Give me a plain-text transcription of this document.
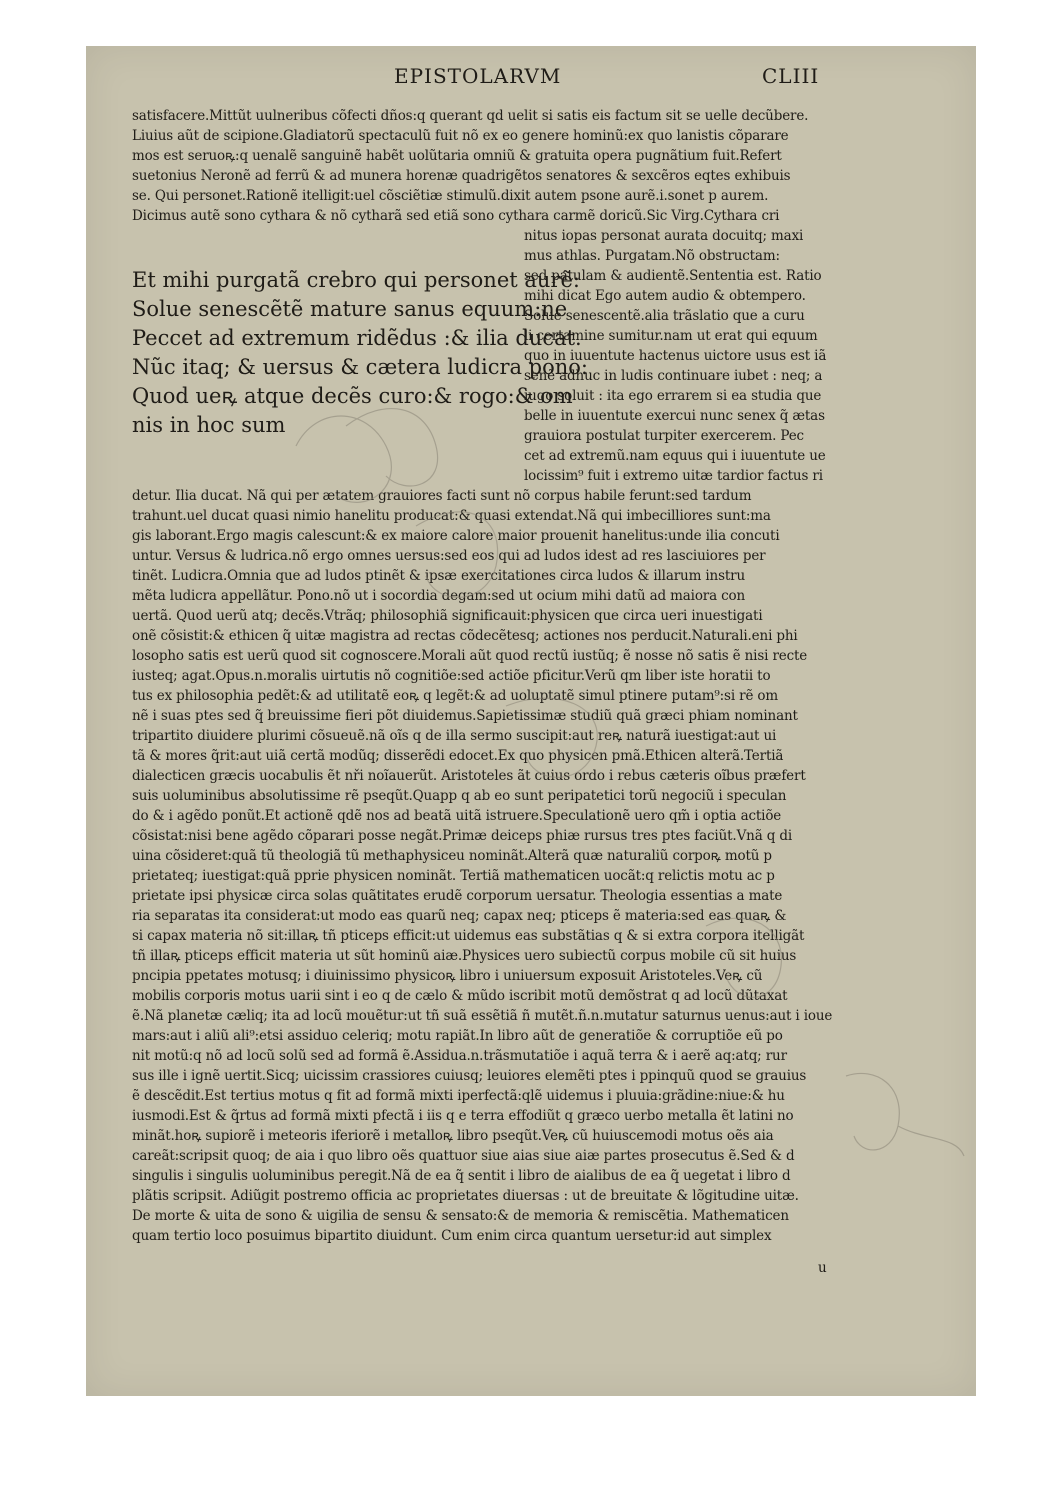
EPISTOLARVM	CLIII
satisfacere.Mittũt uulneribus cõfecti dños:q querant qd uelit si satis eis factum sit se uelle decũbere.
Liuius aũt de scipione.Gladiatorũ spectaculũ fuit nõ ex eo genere hominũ:ex quo lanistis cõparare
mos est seruoꝶ:q uenalẽ sanguinẽ habẽt uolũtaria omniũ & gratuita opera pugnãtium fuit.Refert
suetonius Neronẽ ad ferrũ & ad munera horenæ quadrigẽtos senatores & sexcẽros eqtes exhibuis
se. Qui personet.Rationẽ itelligit:uel cõsciẽtiæ stimulũ.dixit autem psone aurẽ.i.sonet p aurem.
Dicimus autẽ sono cythara & nõ cytharã sed etiã sono cythara carmẽ doricũ.Sic Virg.Cythara cri
Et mihi purgatã crebro qui personet aurẽ:
Solue senescẽtẽ mature sanus equum:ne
Peccet ad extremum ridẽdus :& ilia ducat.
Nũc itaq; & uersus & cætera ludicra pono:
Quod ueꝶ atque decẽs curo:& rogo:& om
nis in hoc sum
nitus iopas personat aurata docuitq; maxi
mus athlas. Purgatam.Nõ obstructam:
sed patulam & audientẽ.Sententia est. Ratio
mihi dicat Ego autem audio & obtempero.
Solue senescentẽ.alia trãslatio que a curu
li certamine sumitur.nam ut erat qui equum
quo in iuuentute hactenus uictore usus est iã
senẽ adhuc in ludis continuare iubet : neq; a
iugo soluit : ita ego errarem si ea studia que
belle in iuuentute exercui nunc senex q̃ ætas
grauiora postulat turpiter exercerem. Pec
cet ad extremũ.nam equus qui i iuuentute ue
locissim⁹ fuit i extremo uitæ tardior factus ri
detur. Ilia ducat. Nã qui per ætatem grauiores facti sunt nõ corpus habile ferunt:sed tardum
trahunt.uel ducat quasi nimio hanelitu producat:& quasi extendat.Nã qui imbecilliores sunt:ma
gis laborant.Ergo magis calescunt:& ex maiore calore maior prouenit hanelitus:unde ilia concuti
untur. Versus & ludrica.nõ ergo omnes uersus:sed eos qui ad ludos idest ad res lasciuiores per
tinẽt. Ludicra.Omnia que ad ludos ptinẽt & ipsæ exercitationes circa ludos & illarum instru
mẽta ludicra appellãtur. Pono.nõ ut i socordia degam:sed ut ocium mihi datũ ad maiora con
uertã. Quod uerũ atq; decẽs.Vtrãq; philosophiã significauit:physicen que circa ueri inuestigati
onẽ cõsistit:& ethicen q̃ uitæ magistra ad rectas cõdecẽtesq; actiones nos perducit.Naturali.eni phi
losopho satis est uerũ quod sit cognoscere.Morali aũt quod rectũ iustũq; ẽ nosse nõ satis ẽ nisi recte
iusteq; agat.Opus.n.moralis uirtutis nõ cognitiõe:sed actiõe pficitur.Verũ qm liber iste horatii to
tus ex philosophia pedẽt:& ad utilitatẽ eoꝶ q legẽt:& ad uoluptatẽ simul ptinere putam⁹:si rẽ om
nẽ i suas ptes sed q̃ breuissime fieri põt diuidemus.Sapietissimæ studiũ quã græci phiam nominant
tripartito diuidere plurimi cõsueuẽ.nã oĩs q de illa sermo suscipit:aut reꝶ naturã iuestigat:aut ui
tã & mores q̃rit:aut uiã certã modũq; disserẽdi edocet.Ex quo physicen pmã.Ethicen alterã.Tertiã
dialecticen græcis uocabulis ẽt nři noĩauerũt. Aristoteles ãt cuius ordo i rebus cæteris oĩbus præfert
suis uoluminibus absolutissime rẽ pseqũt.Quapp q ab eo sunt peripatetici torũ negociũ i speculan
do & i agẽdo ponũt.Et actionẽ qdẽ nos ad beatã uitã istruere.Speculationẽ uero qm̃ i optia actiõe
cõsistat:nisi bene agẽdo cõparari posse negãt.Primæ deiceps phiæ rursus tres ptes faciũt.Vnã q di
uina cõsideret:quã tũ theologiã tũ methaphysiceu nominãt.Alterã quæ naturaliũ corpoꝶ motũ p
prietateq; iuestigat:quã pprie physicen nominãt. Tertiã mathematicen uocãt:q relictis motu ac p
prietate ipsi physicæ circa solas quãtitates erudẽ corporum uersatur. Theologia essentias a mate
ria separatas ita considerat:ut modo eas quarũ neq; capax neq; pticeps ẽ materia:sed eas quaꝶ &
si capax materia nõ sit:illaꝶ tñ pticeps efficit:ut uidemus eas substãtias q & si extra corpora itelligãt
tñ illaꝶ pticeps efficit materia ut sũt hominũ aiæ.Physices uero subiectũ corpus mobile cũ sit huius
pncipia ppetates motusq; i diuinissimo physicoꝶ libro i uniuersum exposuit Aristoteles.Veꝶ cũ
mobilis corporis motus uarii sint i eo q de cælo & mũdo iscribit motũ demõstrat q ad locũ dũtaxat
ẽ.Nã planetæ cæliq; ita ad locũ mouẽtur:ut tñ suã essẽtiã ñ mutẽt.ñ.n.mutatur saturnus uenus:aut i ioue
mars:aut i aliũ ali⁹:etsi assiduo celeriq; motu rapiãt.In libro aũt de generatiõe & corruptiõe eũ po
nit motũ:q nõ ad locũ solũ sed ad formã ẽ.Assidua.n.trãsmutatiõe i aquã terra & i aerẽ aq:atq; rur
sus ille i ignẽ uertit.Sicq; uicissim crassiores cuiusq; leuiores elemẽti ptes i ppinquũ quod se grauius
ẽ descẽdit.Est tertius motus q fit ad formã mixti iperfectã:qlẽ uidemus i pluuia:grãdine:niue:& hu
iusmodi.Est & q̃rtus ad formã mixti pfectã i iis q e terra effodiũt q græco uerbo metalla ẽt latini no
minãt.hoꝶ supiorẽ i meteoris iferiorẽ i metalloꝶ libro pseqũt.Veꝶ cũ huiuscemodi motus oẽs aia
careãt:scripsit quoq; de aia i quo libro oẽs quattuor siue aias siue aiæ partes prosecutus ẽ.Sed & d
singulis i singulis uoluminibus peregit.Nã de ea q̃ sentit i libro de aialibus de ea q̃ uegetat i libro d
plãtis scripsit. Adiũgit postremo officia ac proprietates diuersas : ut de breuitate & lõgitudine uitæ.
De morte & uita de sono & uigilia de sensu & sensato:& de memoria & remiscẽtia. Mathematicen
quam tertio loco posuimus bipartito diuidunt. Cum enim circa quantum uersetur:id aut simplex
u
